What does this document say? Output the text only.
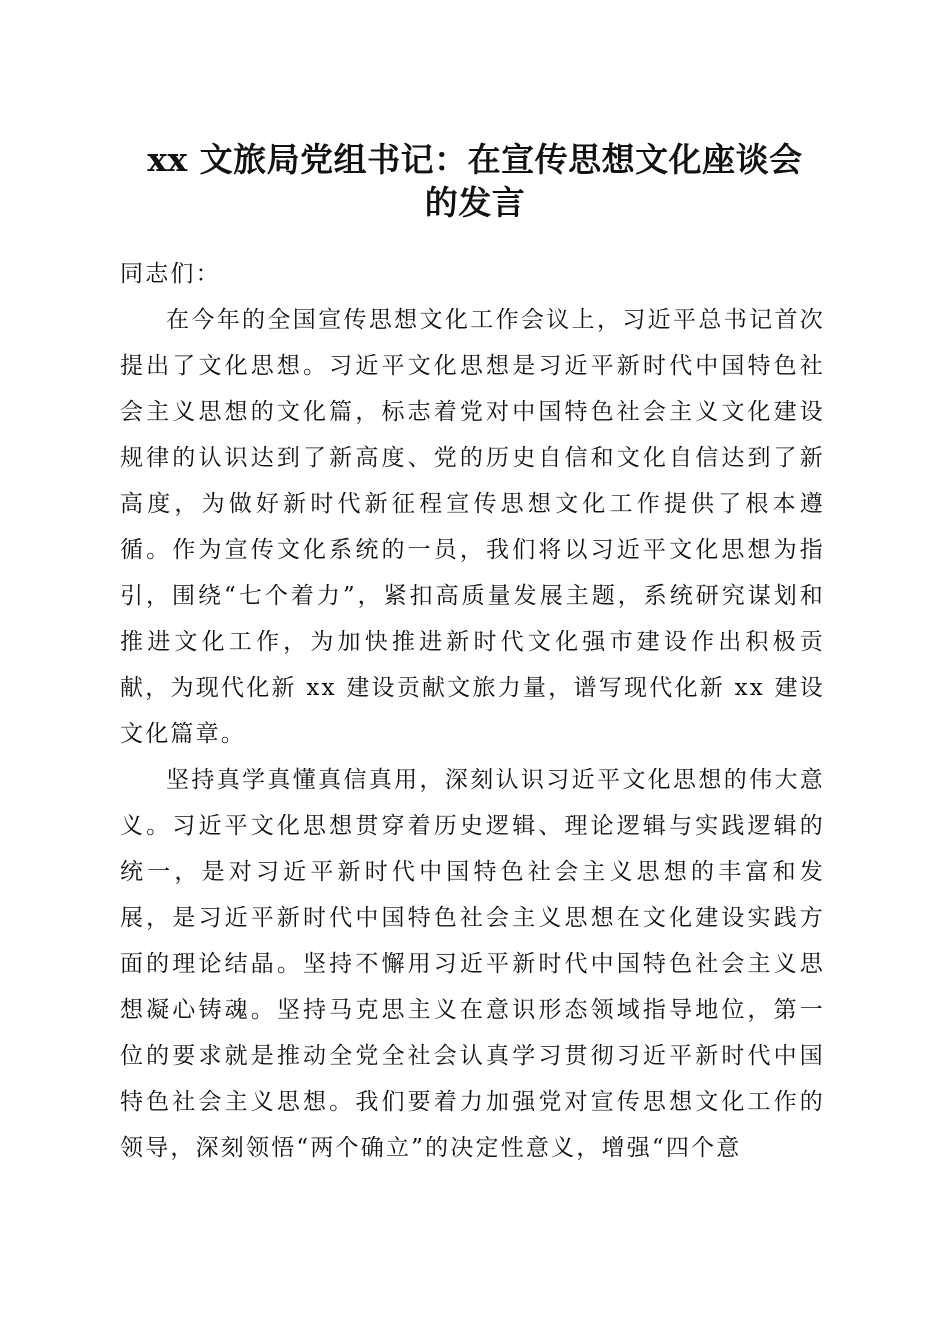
xx 文旅局党组书记：在宣传思想文化座谈会
的发言

同志们：

在今年的全国宣传思想文化工作会议上，习近平总书记首次提出了文化思想。习近平文化思想是习近平新时代中国特色社会主义思想的文化篇，标志着党对中国特色社会主义文化建设规律的认识达到了新高度、党的历史自信和文化自信达到了新高度，为做好新时代新征程宣传思想文化工作提供了根本遵循。作为宣传文化系统的一员，我们将以习近平文化思想为指引，围绕“七个着力”，紧扣高质量发展主题，系统研究谋划和推进文化工作，为加快推进新时代文化强市建设作出积极贡献，为现代化新 xx 建设贡献文旅力量，谱写现代化新 xx 建设文化篇章。

坚持真学真懂真信真用，深刻认识习近平文化思想的伟大意义。习近平文化思想贯穿着历史逻辑、理论逻辑与实践逻辑的统一，是对习近平新时代中国特色社会主义思想的丰富和发展，是习近平新时代中国特色社会主义思想在文化建设实践方面的理论结晶。坚持不懈用习近平新时代中国特色社会主义思想凝心铸魂。坚持马克思主义在意识形态领域指导地位，第一位的要求就是推动全党全社会认真学习贯彻习近平新时代中国特色社会主义思想。我们要着力加强党对宣传思想文化工作的领导，深刻领悟“两个确立”的决定性意义，增强“四个意
